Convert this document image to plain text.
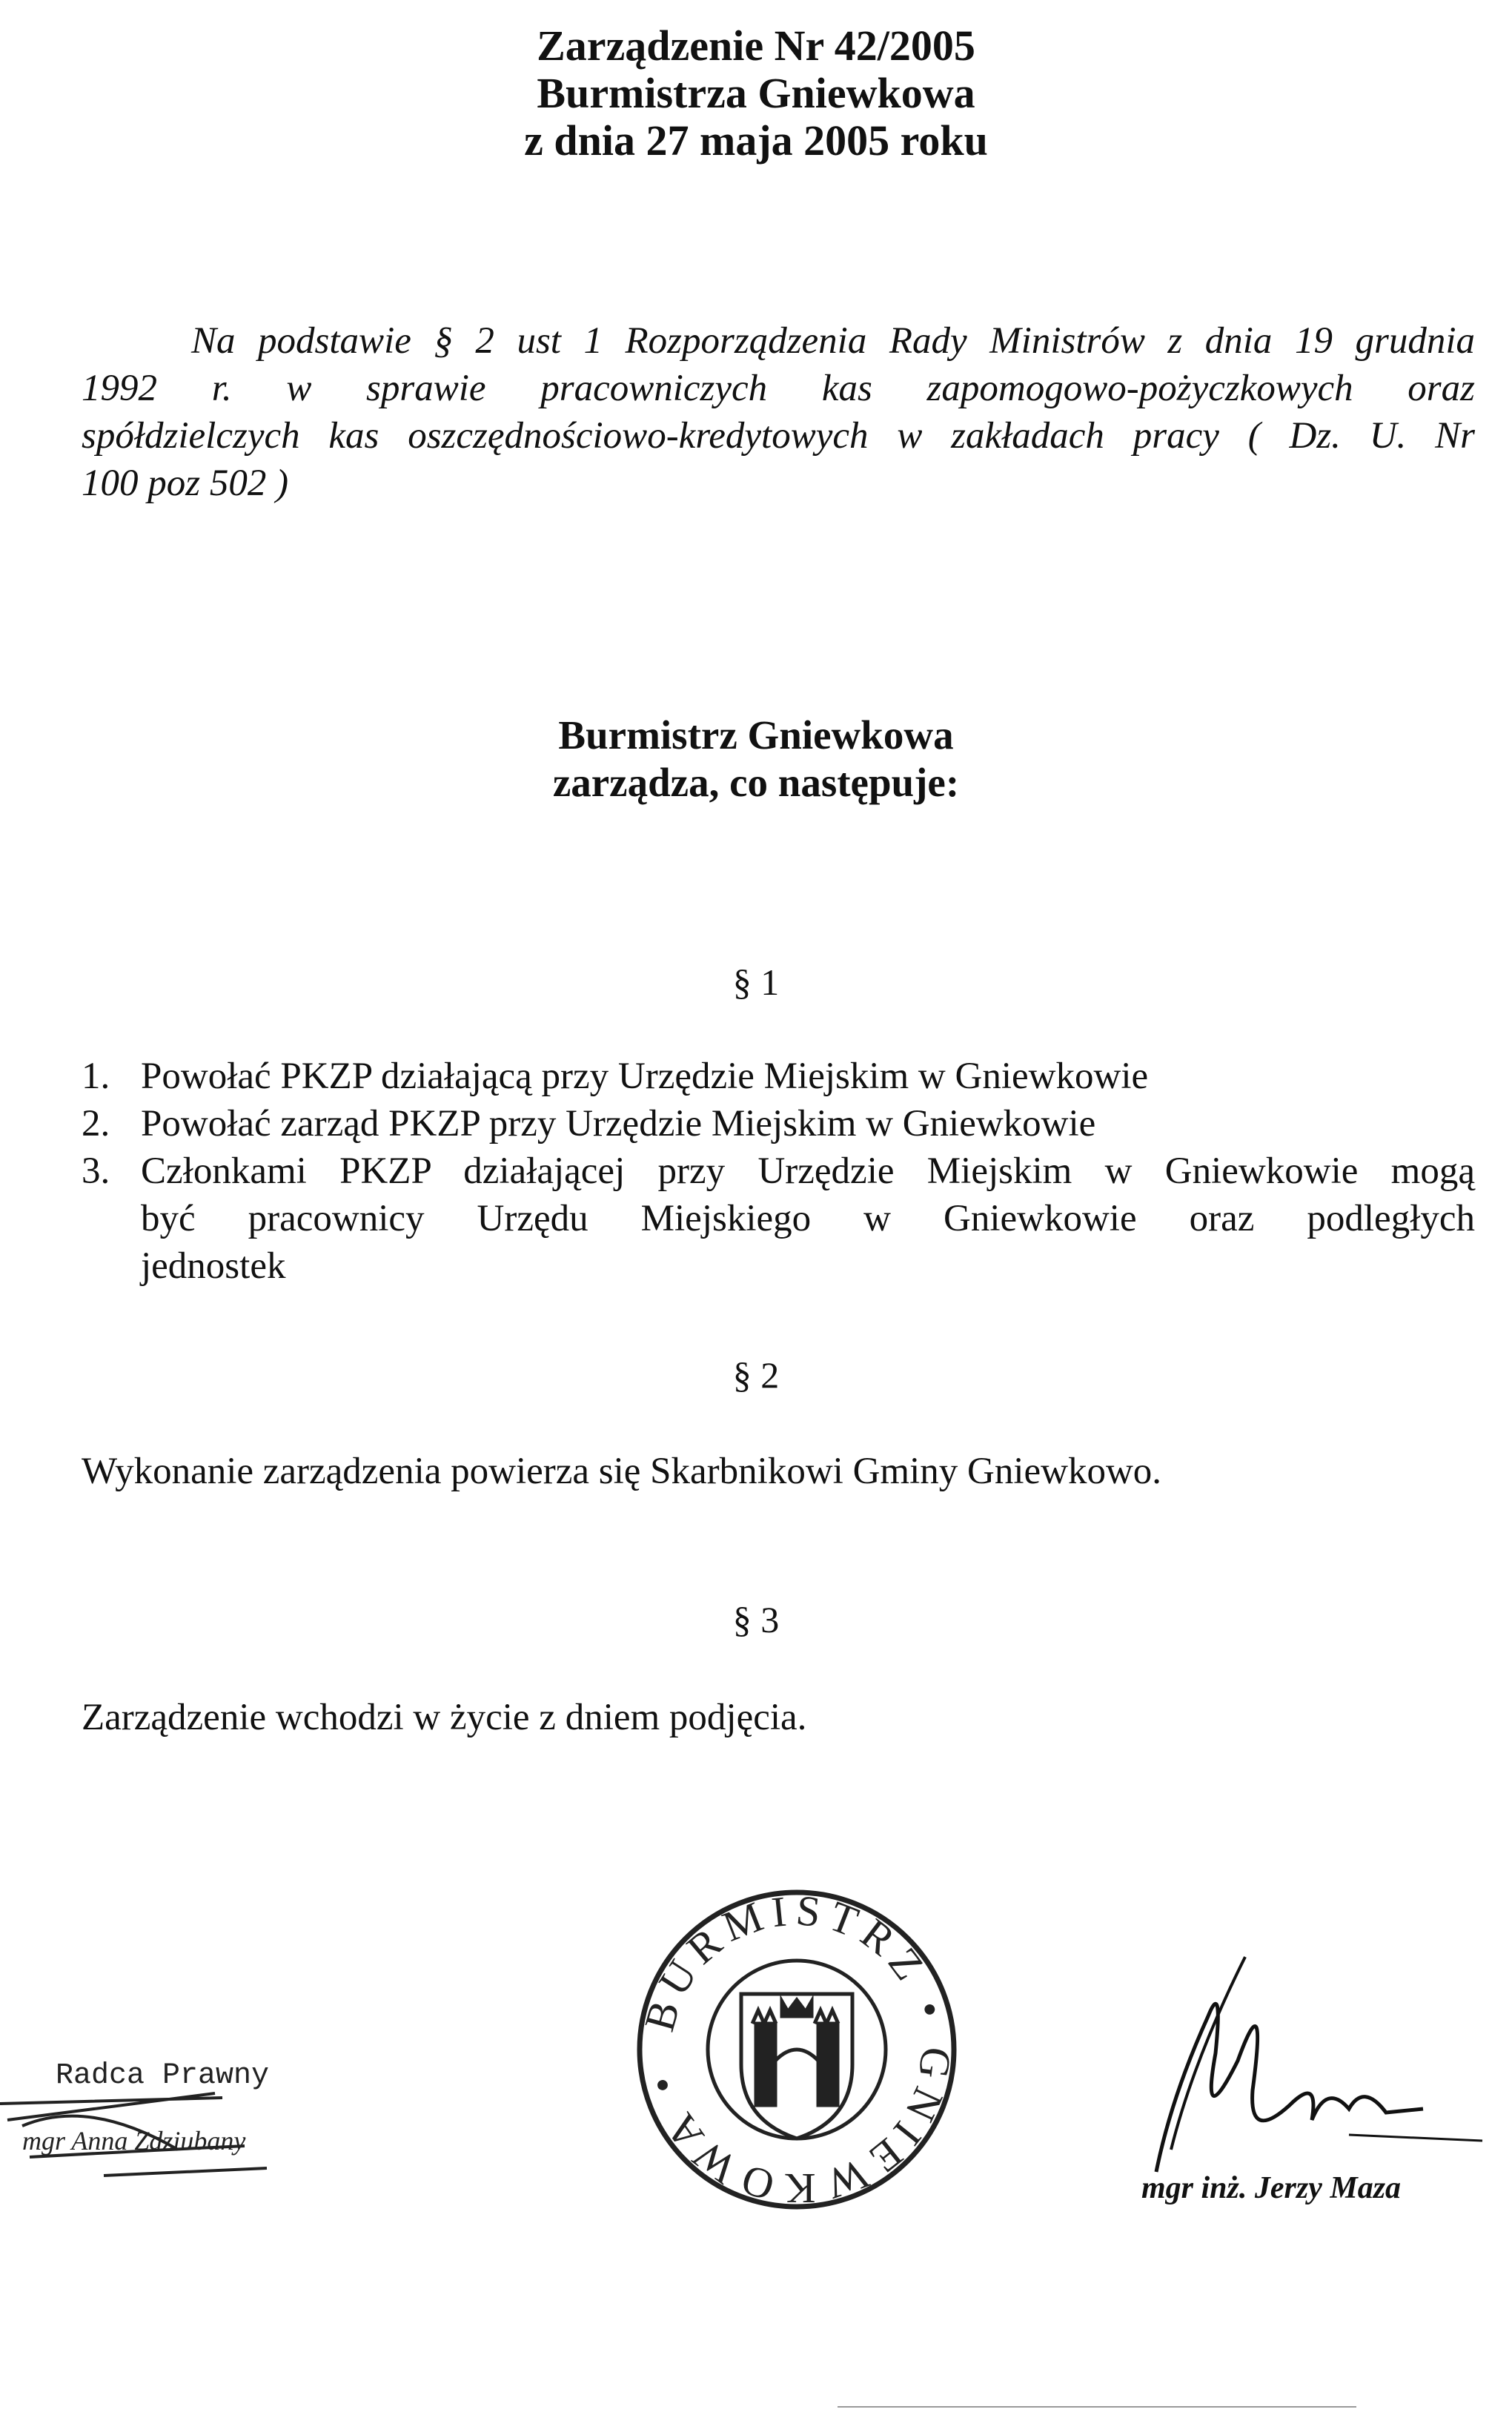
Zarządzenie Nr 42/2005
Burmistrza Gniewkowa
z dnia 27 maja 2005 roku
Na podstawie § 2 ust 1 Rozporządzenia Rady Ministrów z dnia 19 grudnia
1992 r. w sprawie pracowniczych kas zapomogowo-pożyczkowych oraz
spółdzielczych kas oszczędnościowo-kredytowych w zakładach pracy ( Dz. U. Nr
100 poz 502 )
Burmistrz Gniewkowa
zarządza, co następuje:
§ 1
1. Powołać PKZP działającą przy Urzędzie Miejskim w Gniewkowie
2. Powołać zarząd PKZP przy Urzędzie Miejskim w Gniewkowie
3. Członkami PKZP działającej przy Urzędzie Miejskim w Gniewkowie mogą
być pracownicy Urzędu Miejskiego w Gniewkowie oraz podległych
jednostek
§ 2
Wykonanie zarządzenia powierza się Skarbnikowi Gminy Gniewkowo.
§ 3
Zarządzenie wchodzi w życie z dniem podjęcia.
BURMISTRZ • GNIEWKOWA •
Radca Prawny
mgr Anna Zdziubany
mgr inż. Jerzy Maza
